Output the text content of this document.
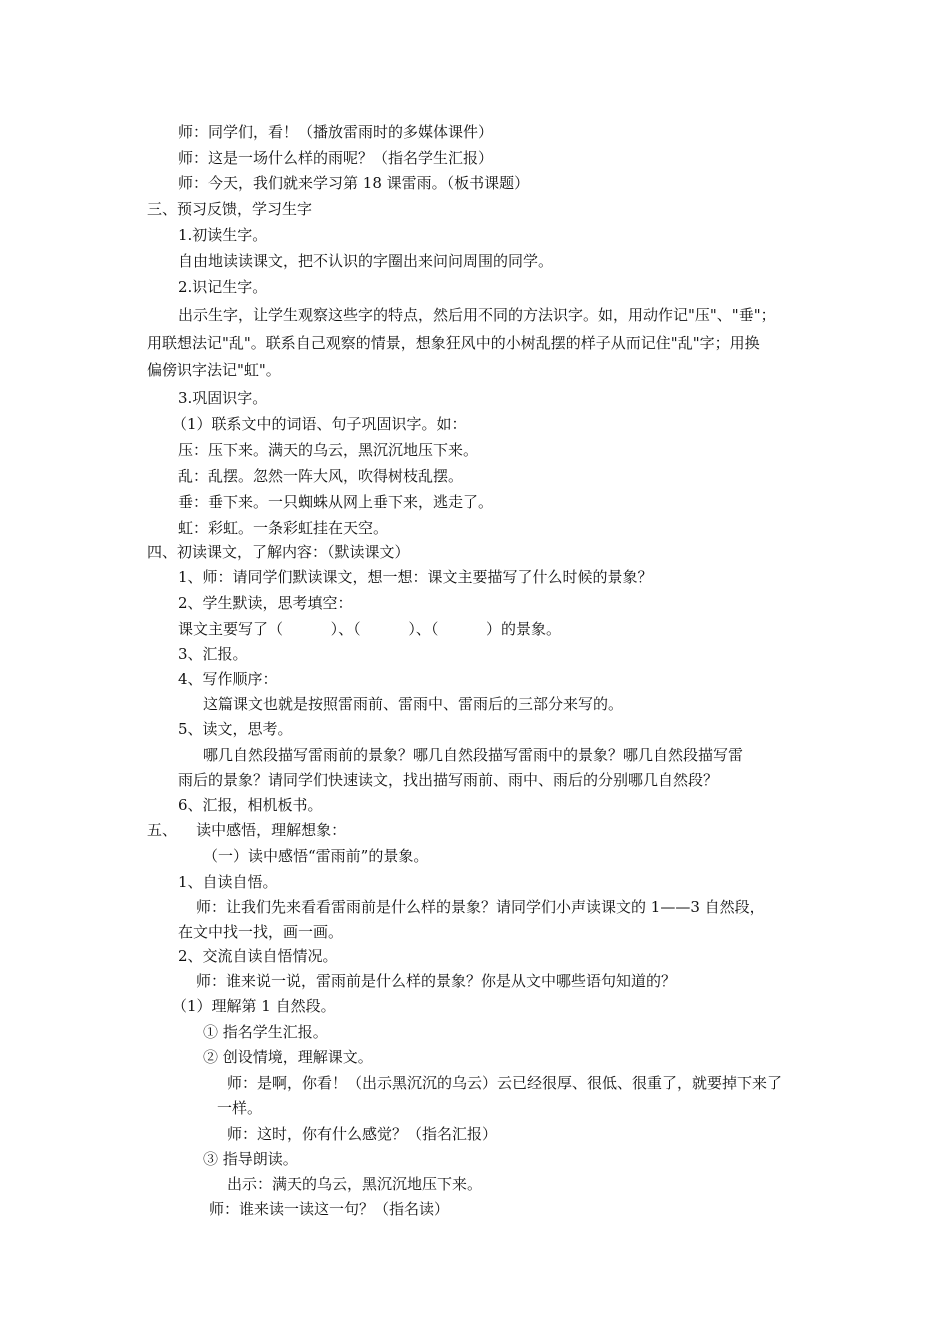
师：同学们，看！（播放雷雨时的多媒体课件）
师：这是一场什么样的雨呢？（指名学生汇报）
师：今天，我们就来学习第 18 课雷雨。（板书课题）
三、预习反馈，学习生字
1.初读生字。
自由地读读课文，把不认识的字圈出来问问周围的同学。
2.识记生字。
出示生字，让学生观察这些字的特点，然后用不同的方法识字。如，用动作记"压"、"垂"；
用联想法记"乱"。联系自己观察的情景，想象狂风中的小树乱摆的样子从而记住"乱"字；用换
偏傍识字法记"虹"。
3.巩固识字。
（1）联系文中的词语、句子巩固识字。如：
压：压下来。满天的乌云，黑沉沉地压下来。
乱：乱摆。忽然一阵大风，吹得树枝乱摆。
垂：垂下来。一只蜘蛛从网上垂下来，逃走了。
虹：彩虹。一条彩虹挂在天空。
四、初读课文，了解内容：（默读课文）
1、师：请同学们默读课文，想一想：课文主要描写了什么时候的景象？
2、学生默读，思考填空：
课文主要写了（          ）、（          ）、（          ）的景象。
3、汇报。
4、写作顺序：
这篇课文也就是按照雷雨前、雷雨中、雷雨后的三部分来写的。
5、读文，思考。
哪几自然段描写雷雨前的景象？哪几自然段描写雷雨中的景象？哪几自然段描写雷
雨后的景象？请同学们快速读文，找出描写雨前、雨中、雨后的分别哪几自然段？
6、汇报，相机板书。
五、    读中感悟，理解想象：
（一）读中感悟“雷雨前”的景象。
1、自读自悟。
师：让我们先来看看雷雨前是什么样的景象？请同学们小声读课文的 1——3 自然段，
在文中找一找，画一画。
2、交流自读自悟情况。
师：谁来说一说，雷雨前是什么样的景象？你是从文中哪些语句知道的？
（1）理解第 1 自然段。
① 指名学生汇报。
② 创设情境，理解课文。
师：是啊，你看！（出示黑沉沉的乌云）云已经很厚、很低、很重了，就要掉下来了
一样。
师：这时，你有什么感觉？（指名汇报）
③ 指导朗读。
出示：满天的乌云，黑沉沉地压下来。
师：谁来读一读这一句？（指名读）
